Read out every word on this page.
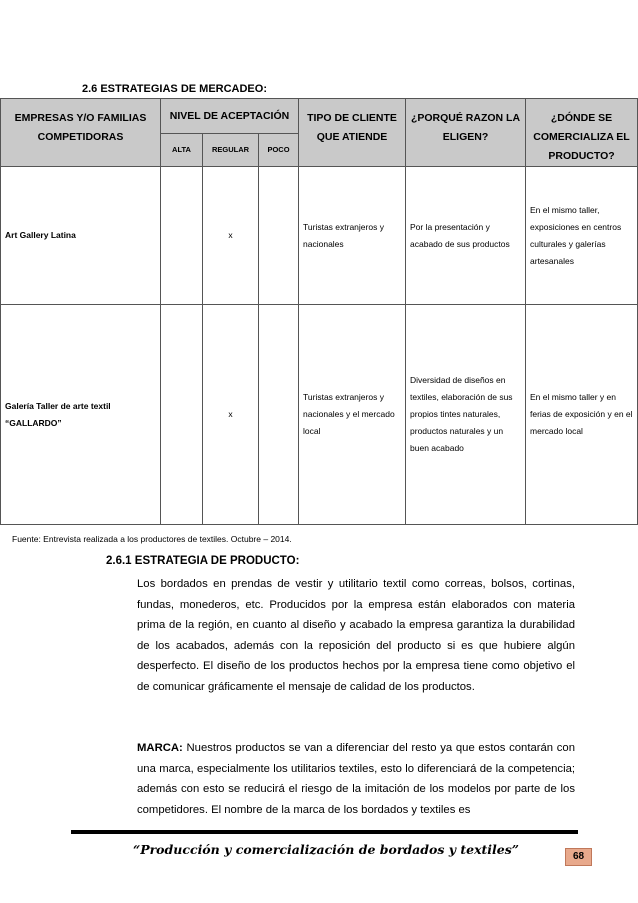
2.6 ESTRATEGIAS DE MERCADEO:
EMPRESAS Y/O FAMILIAS COMPETIDORAS	NIVEL DE ACEPTACIÓN			TIPO DE CLIENTE QUE ATIENDE	¿PORQUÉ RAZON LA ELIGEN?	¿DÓNDE SE COMERCIALIZA EL PRODUCTO?
	ALTA	REGULAR	POCO			
Art Gallery Latina		x		Turistas extranjeros y nacionales	Por la presentación y acabado de sus productos	En el mismo taller, exposiciones en centros culturales y galerías artesanales
Galería Taller de arte textil “GALLARDO”		x		Turistas extranjeros y nacionales y el mercado local	Diversidad de diseños en textiles, elaboración de sus propios tintes naturales, productos naturales y un buen acabado	En el mismo taller y en ferias de exposición y en el mercado local
Fuente: Entrevista realizada a los productores de textiles. Octubre – 2014.
2.6.1 ESTRATEGIA DE PRODUCTO:
Los bordados en prendas de vestir y utilitario textil como correas, bolsos, cortinas, fundas, monederos, etc. Producidos por la empresa están elaborados con materia prima de la región, en cuanto al diseño y acabado la empresa garantiza la durabilidad de los acabados, además con la reposición del producto si es que hubiere algún desperfecto. El diseño de los productos hechos por la empresa tiene como objetivo el de comunicar gráficamente el mensaje de calidad de los productos.
MARCA: Nuestros productos se van a diferenciar del resto ya que estos contarán con una marca, especialmente los utilitarios textiles, esto lo diferenciará de la competencia; además con esto se reducirá el riesgo de la imitación de los modelos por parte de los competidores. El nombre de la marca de los bordados y textiles es
“Producción y comercialización de bordados y textiles”	68
